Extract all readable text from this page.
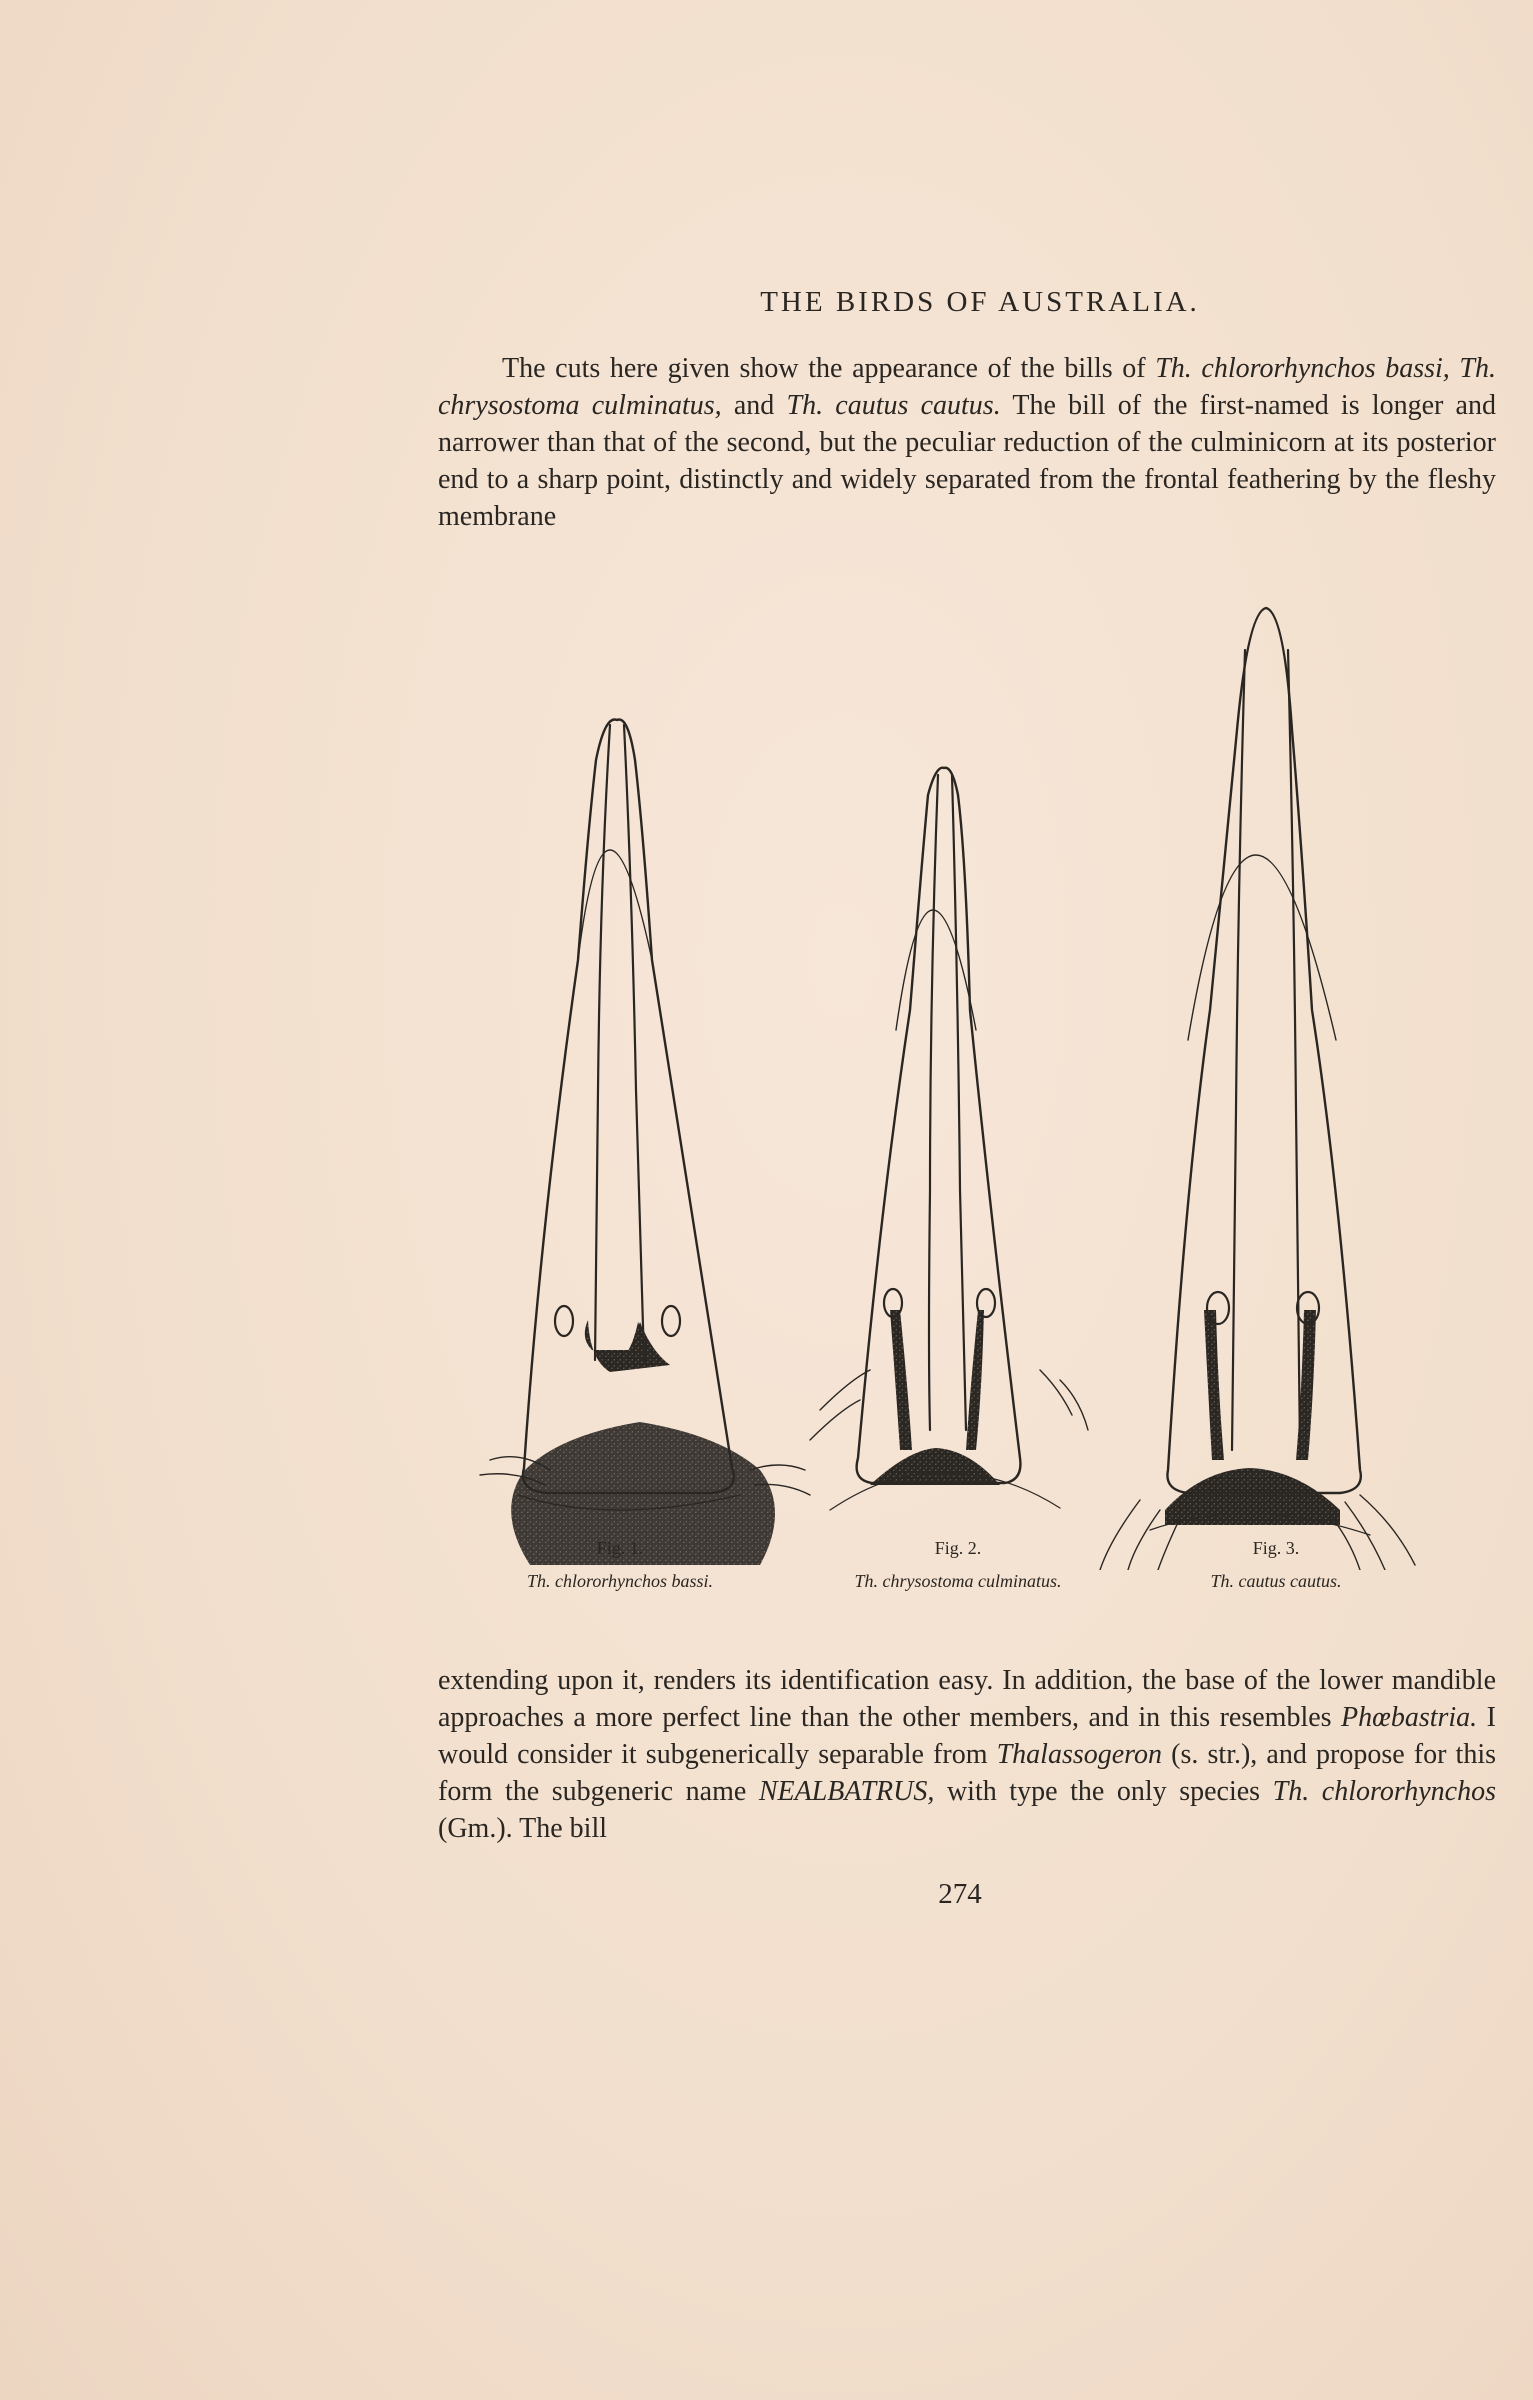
THE BIRDS OF AUSTRALIA.

The cuts here given show the appearance of the bills of Th. chlororhynchos bassi, Th. chrysostoma culminatus, and Th. cautus cautus. The bill of the first-named is longer and narrower than that of the second, but the peculiar reduction of the culminicorn at its posterior end to a sharp point, distinctly and widely separated from the frontal feathering by the fleshy membrane

Fig. 1.
Th. chlororhynchos bassi.
Fig. 2.
Th. chrysostoma culminatus.
Fig. 3.
Th. cautus cautus.

extending upon it, renders its identification easy. In addition, the base of the lower mandible approaches a more perfect line than the other members, and in this resembles Phœbastria. I would consider it subgenerically separable from Thalassogeron (s. str.), and propose for this form the subgeneric name NEALBATRUS, with type the only species Th. chlororhynchos (Gm.). The bill

274
